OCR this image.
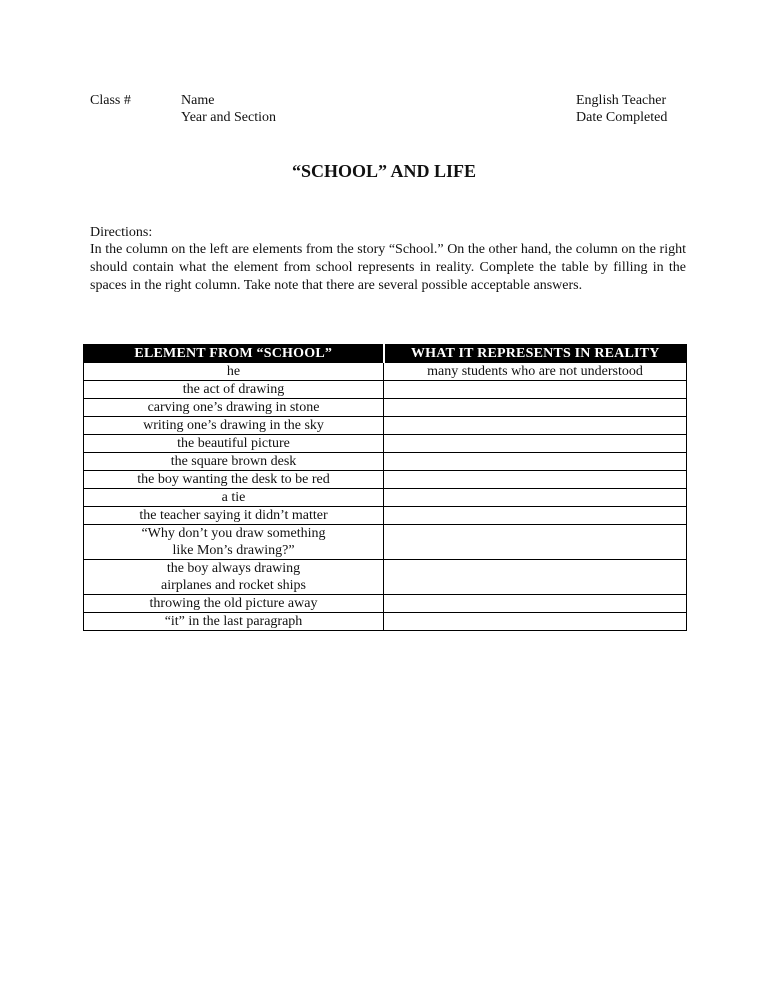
Class #	Name
Year and Section
English Teacher
Date Completed
“SCHOOL” AND LIFE
Directions:
In the column on the left are elements from the story “School.” On the other hand, the column on the right should contain what the element from school represents in reality. Complete the table by filling in the spaces in the right column. Take note that there are several possible acceptable answers.
ELEMENT FROM “SCHOOL”	WHAT IT REPRESENTS IN REALITY
he	many students who are not understood
the act of drawing	
carving one’s drawing in stone	
writing one’s drawing in the sky	
the beautiful picture	
the square brown desk	
the boy wanting the desk to be red	
a tie	
the teacher saying it didn’t matter	
“Why don’t you draw something
like Mon’s drawing?”	
the boy always drawing
airplanes and rocket ships	
throwing the old picture away	
“it” in the last paragraph	
